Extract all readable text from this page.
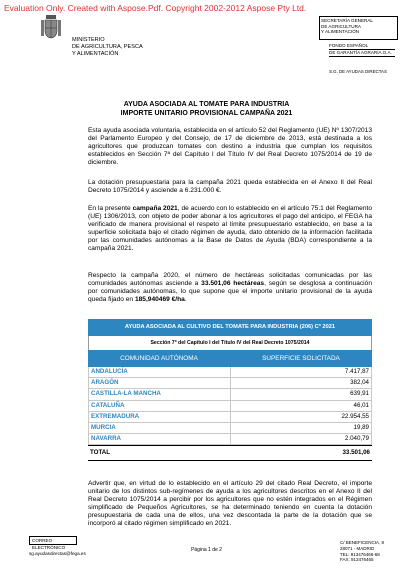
Evaluation Only. Created with Aspose.Pdf. Copyright 2002-2012 Aspose Pty Ltd.
MINISTERIO
DE AGRICULTURA, PESCA
Y ALIMENTACIÓN
SECRETARÍA GENERAL
DE AGRICULTURA
Y ALIMENTACIÓN
FONDO ESPAÑOL
DE GARANTÍA AGRARIA O.A.
S.G. DE AYUDAS DIRECTAS
AYUDA ASOCIADA AL TOMATE PARA INDUSTRIA
IMPORTE UNITARIO PROVISIONAL CAMPAÑA 2021
Esta ayuda asociada voluntaria, establecida en el artículo 52 del Reglamento (UE) Nº 1307/2013 del Parlamento Europeo y del Consejo, de 17 de diciembre de 2013, está destinada a los agricultores que produzcan tomates con destino a industria que cumplan los requisitos establecidos en Sección 7ª del Capítulo I del Título IV del Real Decreto 1075/2014 de 19 de diciembre.
La dotación presupuestaria para la campaña 2021 queda establecida en el Anexo II del Real Decreto 1075/2014 y asciende a 6.231.000 €.
En la presente campaña 2021, de acuerdo con lo establecido en el artículo 75.1 del Reglamento (UE) 1306/2013, con objeto de poder abonar a los agricultores el pago del anticipo, el FEGA ha verificado de manera provisional el respeto al límite presupuestario establecido, en base a la superficie solicitada bajo el citado régimen de ayuda, dato obtenido de la información facilitada por las comunidades autónomas a la Base de Datos de Ayuda (BDA) correspondiente a la campaña 2021.
Respecto la campaña 2020, el número de hectáreas solicitadas comunicadas por las comunidades autónomas asciende a 33.501,06 hectáreas, según se desglosa a continuación por comunidades autónomas, lo que supone que el importe unitario provisional de la ayuda queda fijado en 185,940469 €/ha.
AYUDA ASOCIADA AL CULTIVO DEL TOMATE PARA INDUSTRIA (206) Cª 2021
Sección 7ª del Capítulo I del Título IV del Real Decreto 1075/2014
COMUNIDAD AUTÓNOMA	SUPERFICIE SOLICITADA
ANDALUCÍA	7.417,87
ARAGÓN	382,04
CASTILLA-LA MANCHA	639,91
CATALUÑA	46,01
EXTREMADURA	22.954,55
MURCIA	19,89
NAVARRA	2.040,79
TOTAL	33.501,06
Advertir que, en virtud de lo establecido en el artículo 29 del citado Real Decreto, el importe unitario de los distintos sub-regímenes de ayuda a los agricultores descritos en el Anexo II del Real Decreto 1075/2014 a percibir por los agricultores que no estén integrados en el Régimen simplificado de Pequeños Agricultores, se ha determinado teniendo en cuenta la dotación presupuestaria de cada una de ellos, una vez descontada la parte de la dotación que se incorporó al citado régimen simplificado en 2021.
CORREO ELECTRÓNICO
sg.ayudasdirectas@fega.es
Página 1 de 2
C/ BENEFICENCIA, 8
28071 - MADRID
TEL: 913476466-68
FAX: 913476465
